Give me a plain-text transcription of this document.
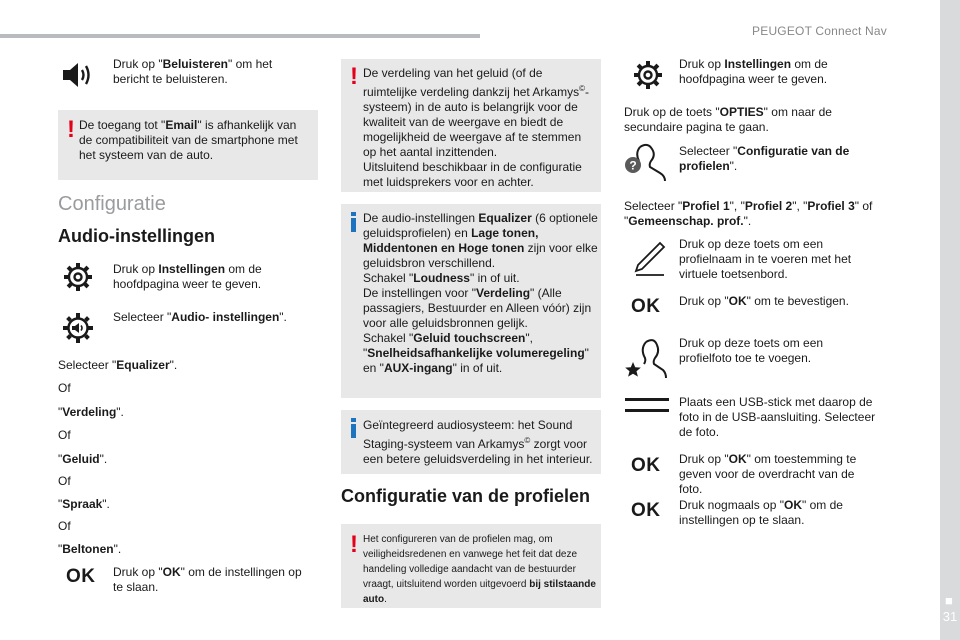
PEUGEOT Connect Nav
■
31
Druk op "Beluisteren" om het bericht te beluisteren.
! De toegang tot "Email" is afhankelijk van de compatibiliteit van de smartphone met het systeem van de auto.
Configuratie
Audio-instellingen
Druk op Instellingen om de hoofdpagina weer te geven.
Selecteer "Audio- instellingen".
Selecteer "Equalizer".
Of
"Verdeling".
Of
"Geluid".
Of
"Spraak".
Of
"Beltonen".
OK Druk op "OK" om de instellingen op te slaan.
! De verdeling van het geluid (of de ruimtelijke verdeling dankzij het Arkamys©-systeem) in de auto is belangrijk voor de kwaliteit van de weergave en biedt de mogelijkheid de weergave af te stemmen op het aantal inzittenden.
Uitsluitend beschikbaar in de configuratie met luidsprekers voor en achter.
De audio-instellingen Equalizer (6 optionele geluidsprofielen) en Lage tonen, Middentonen en Hoge tonen zijn voor elke geluidsbron verschillend.
Schakel "Loudness" in of uit.
De instellingen voor "Verdeling" (Alle passagiers, Bestuurder en Alleen vóór) zijn voor alle geluidsbronnen gelijk.
Schakel "Geluid touchscreen", "Snelheidsafhankelijke volumeregeling" en "AUX-ingang" in of uit.
Geïntegreerd audiosysteem: het Sound Staging-systeem van Arkamys© zorgt voor een betere geluidsverdeling in het interieur.
Configuratie van de profielen
! Het configureren van de profielen mag, om veiligheidsredenen en vanwege het feit dat deze handeling volledige aandacht van de bestuurder vraagt, uitsluitend worden uitgevoerd bij stilstaande auto.
Druk op Instellingen om de hoofdpagina weer te geven.
Druk op de toets "OPTIES" om naar de secundaire pagina te gaan.
?
Selecteer "Configuratie van de profielen".
Selecteer "Profiel 1", "Profiel 2", "Profiel 3" of "Gemeenschap. prof.".
Druk op deze toets om een profielnaam in te voeren met het virtuele toetsenbord.
OK Druk op "OK" om te bevestigen.
Druk op deze toets om een profielfoto toe te voegen.
Plaats een USB-stick met daarop de foto in de USB-aansluiting. Selecteer de foto.
OK Druk op "OK" om toestemming te geven voor de overdracht van de foto.
OK Druk nogmaals op "OK" om de instellingen op te slaan.
